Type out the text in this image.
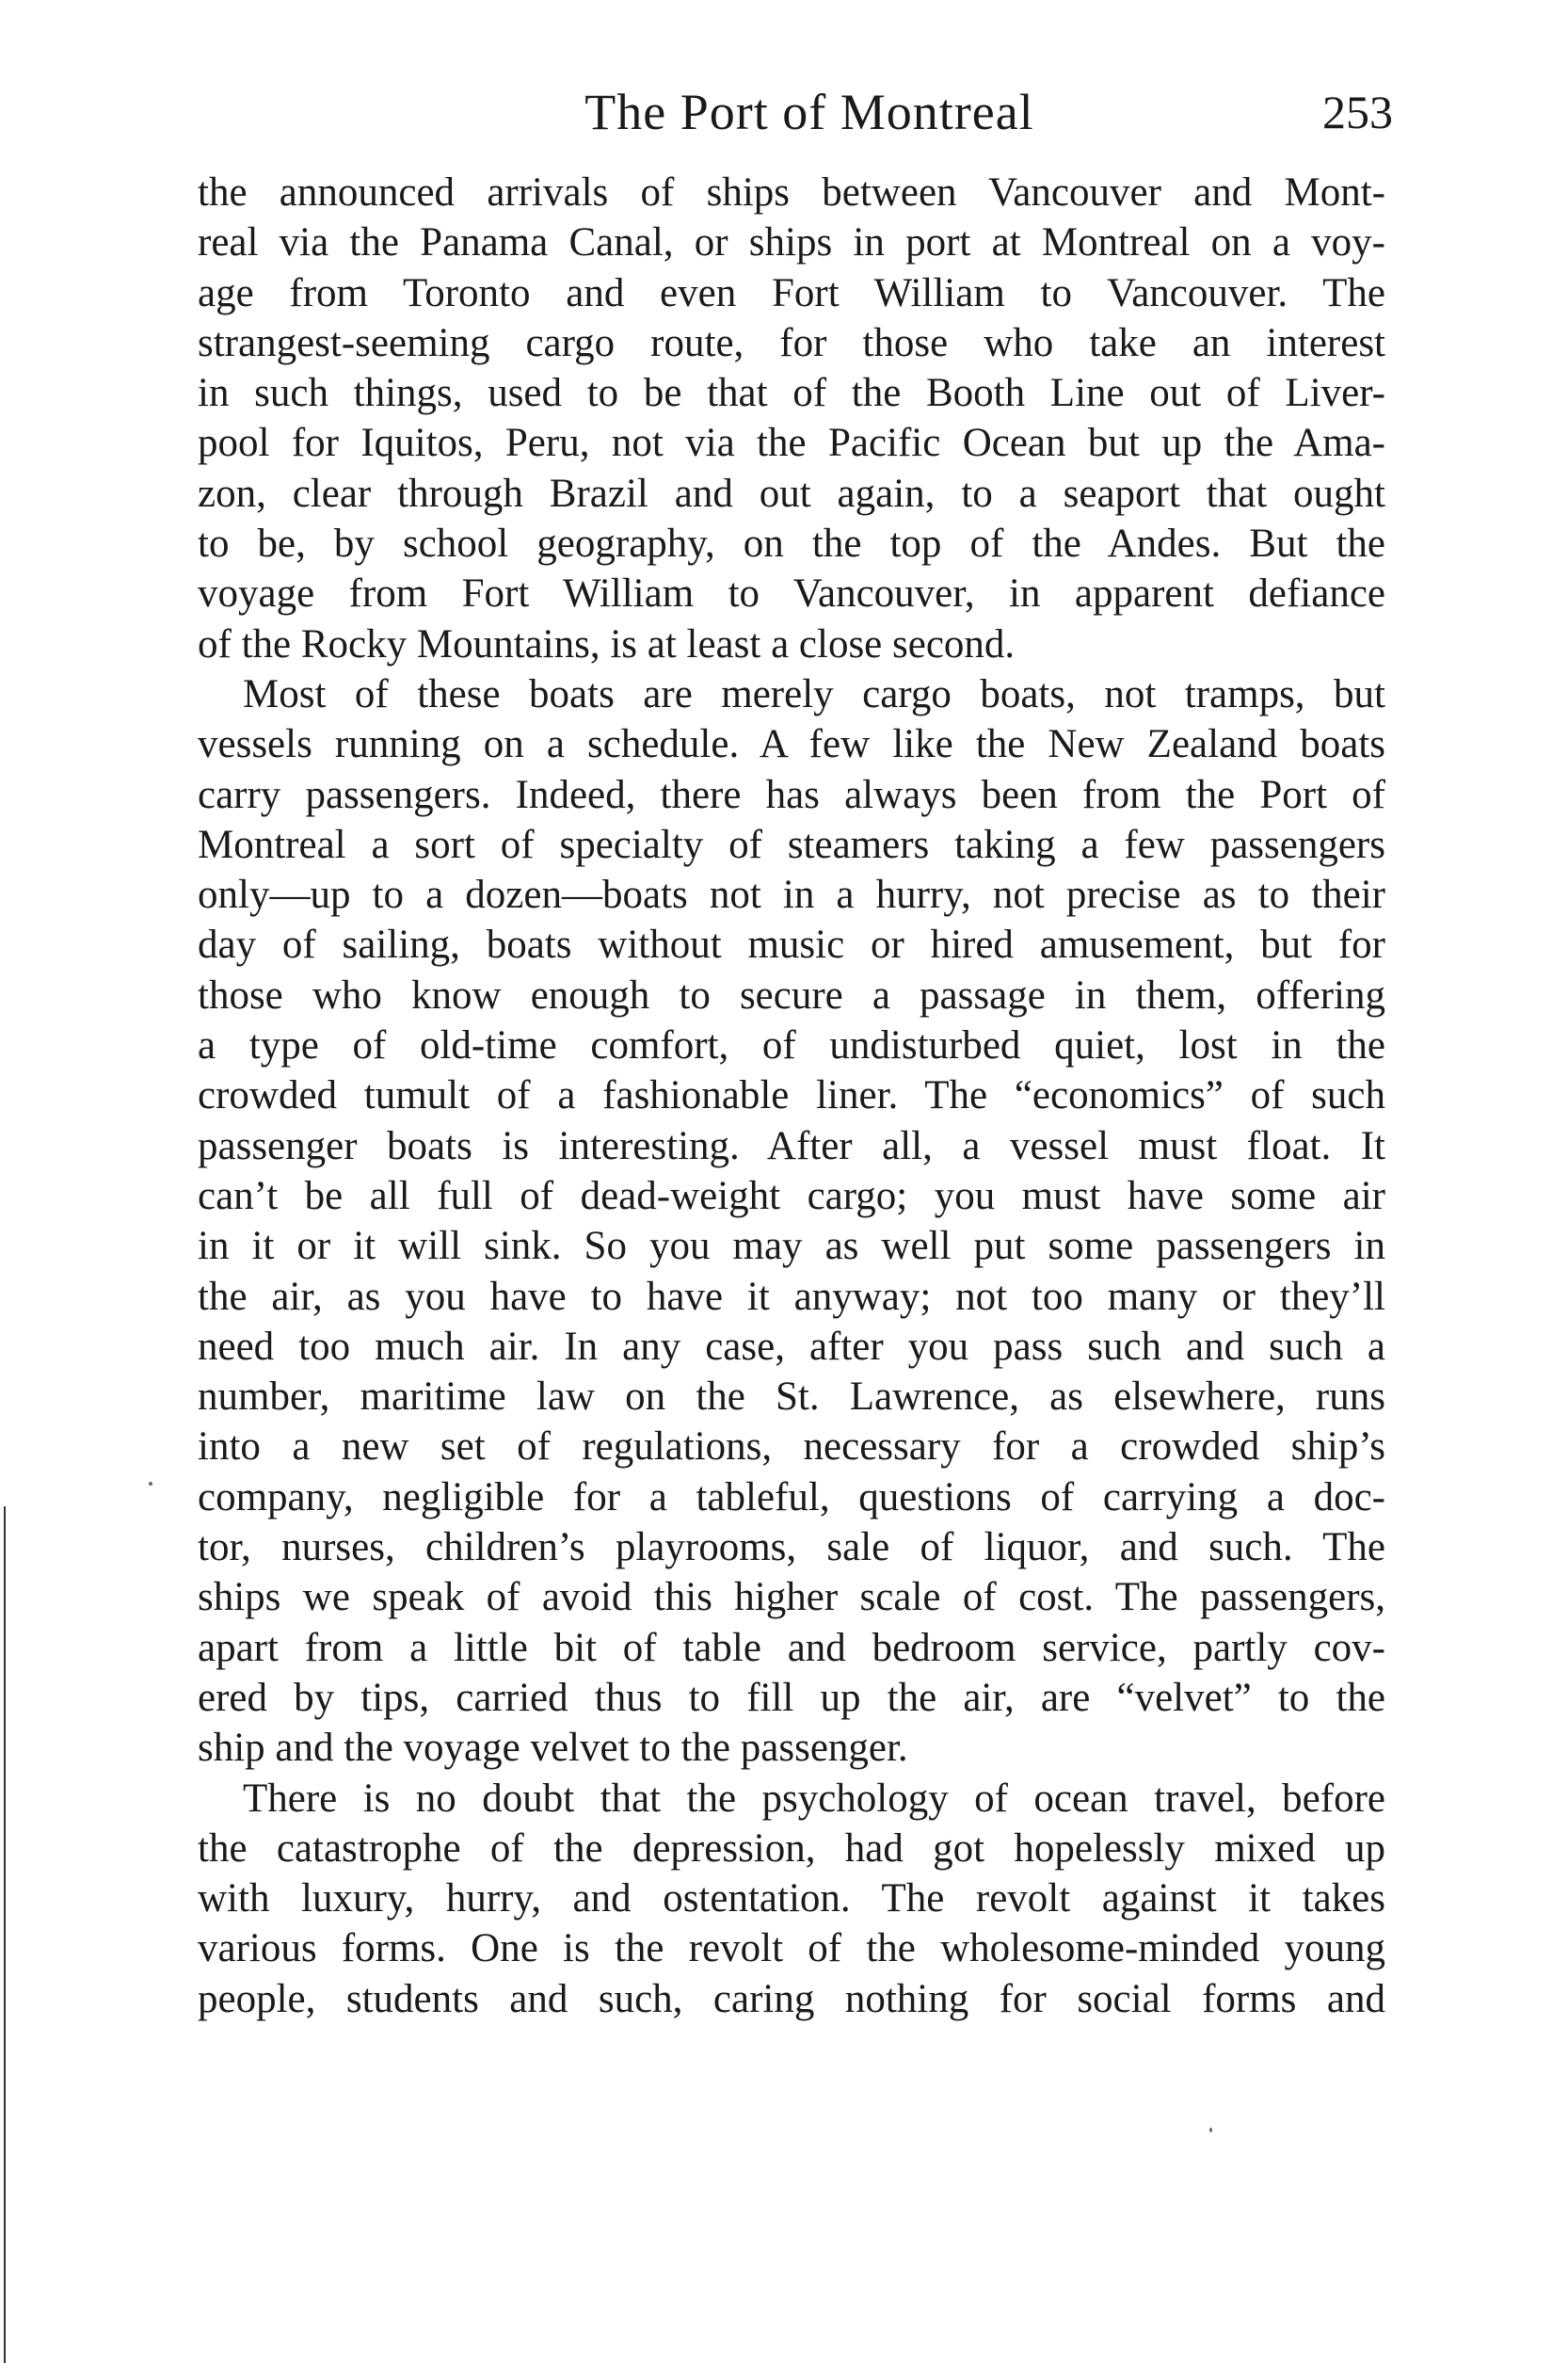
The Port of Montreal	253
the announced arrivals of ships between Vancouver and Mont-
real via the Panama Canal, or ships in port at Montreal on a voy-
age from Toronto and even Fort William to Vancouver. The
strangest-seeming cargo route, for those who take an interest
in such things, used to be that of the Booth Line out of Liver-
pool for Iquitos, Peru, not via the Pacific Ocean but up the Ama-
zon, clear through Brazil and out again, to a seaport that ought
to be, by school geography, on the top of the Andes. But the
voyage from Fort William to Vancouver, in apparent defiance
of the Rocky Mountains, is at least a close second.
Most of these boats are merely cargo boats, not tramps, but
vessels running on a schedule. A few like the New Zealand boats
carry passengers. Indeed, there has always been from the Port of
Montreal a sort of specialty of steamers taking a few passengers
only—up to a dozen—boats not in a hurry, not precise as to their
day of sailing, boats without music or hired amusement, but for
those who know enough to secure a passage in them, offering
a type of old-time comfort, of undisturbed quiet, lost in the
crowded tumult of a fashionable liner. The “economics” of such
passenger boats is interesting. After all, a vessel must float. It
can’t be all full of dead-weight cargo; you must have some air
in it or it will sink. So you may as well put some passengers in
the air, as you have to have it anyway; not too many or they’ll
need too much air. In any case, after you pass such and such a
number, maritime law on the St. Lawrence, as elsewhere, runs
into a new set of regulations, necessary for a crowded ship’s
company, negligible for a tableful, questions of carrying a doc-
tor, nurses, children’s playrooms, sale of liquor, and such. The
ships we speak of avoid this higher scale of cost. The passengers,
apart from a little bit of table and bedroom service, partly cov-
ered by tips, carried thus to fill up the air, are “velvet” to the
ship and the voyage velvet to the passenger.
There is no doubt that the psychology of ocean travel, before
the catastrophe of the depression, had got hopelessly mixed up
with luxury, hurry, and ostentation. The revolt against it takes
various forms. One is the revolt of the wholesome-minded young
people, students and such, caring nothing for social forms and
